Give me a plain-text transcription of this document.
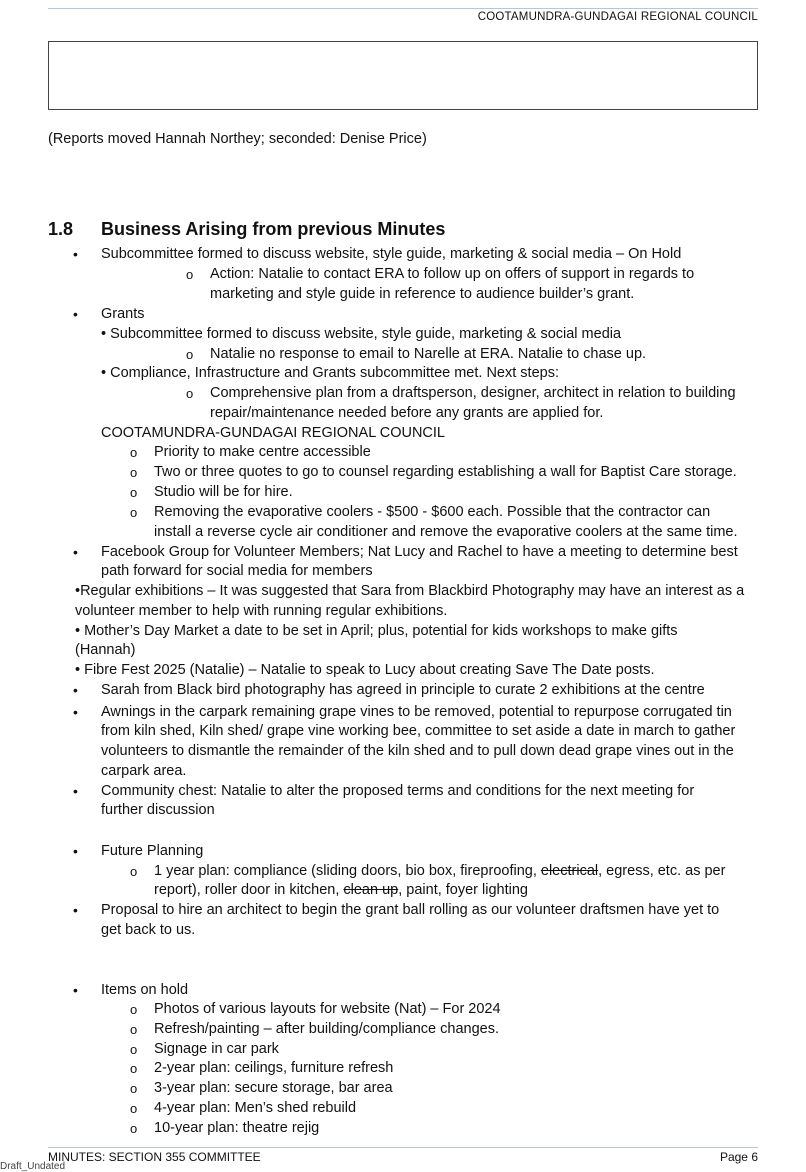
COOTAMUNDRA-GUNDAGAI REGIONAL COUNCIL
(Reports moved Hannah Northey; seconded: Denise Price)
1.8 Business Arising from previous Minutes
• Subcommittee formed to discuss website, style guide, marketing & social media – On Hold
o Action: Natalie to contact ERA to follow up on offers of support in regards to
marketing and style guide in reference to audience builder’s grant.
• Grants
• Subcommittee formed to discuss website, style guide, marketing & social media
o Natalie no response to email to Narelle at ERA. Natalie to chase up.
• Compliance, Infrastructure and Grants subcommittee met. Next steps:
o Comprehensive plan from a draftsperson, designer, architect in relation to building
repair/maintenance needed before any grants are applied for.
COOTAMUNDRA-GUNDAGAI REGIONAL COUNCIL
o Priority to make centre accessible
o Two or three quotes to go to counsel regarding establishing a wall for Baptist Care storage.
o Studio will be for hire.
o Removing the evaporative coolers - $500 - $600 each. Possible that the contractor can
install a reverse cycle air conditioner and remove the evaporative coolers at the same time.
• Facebook Group for Volunteer Members; Nat Lucy and Rachel to have a meeting to determine best
path forward for social media for members
•Regular exhibitions – It was suggested that Sara from Blackbird Photography may have an interest as a
volunteer member to help with running regular exhibitions.
• Mother’s Day Market a date to be set in April; plus, potential for kids workshops to make gifts
(Hannah)
• Fibre Fest 2025 (Natalie) – Natalie to speak to Lucy about creating Save The Date posts.
• Sarah from Black bird photography has agreed in principle to curate 2 exhibitions at the centre
• Awnings in the carpark remaining grape vines to be removed, potential to repurpose corrugated tin
from kiln shed, Kiln shed/ grape vine working bee, committee to set aside a date in march to gather
volunteers to dismantle the remainder of the kiln shed and to pull down dead grape vines out in the
carpark area.
• Community chest: Natalie to alter the proposed terms and conditions for the next meeting for
further discussion
• Future Planning
o 1 year plan: compliance (sliding doors, bio box, fireproofing, electrical, egress, etc. as per
report), roller door in kitchen, clean up, paint, foyer lighting
• Proposal to hire an architect to begin the grant ball rolling as our volunteer draftsmen have yet to
get back to us.
• Items on hold
o Photos of various layouts for website (Nat) – For 2024
o Refresh/painting – after building/compliance changes.
o Signage in car park
o 2-year plan: ceilings, furniture refresh
o 3-year plan: secure storage, bar area
o 4-year plan: Men’s shed rebuild
o 10-year plan: theatre rejig
MINUTES: SECTION 355 COMMITTEE	Page 6
Draft_Undated
